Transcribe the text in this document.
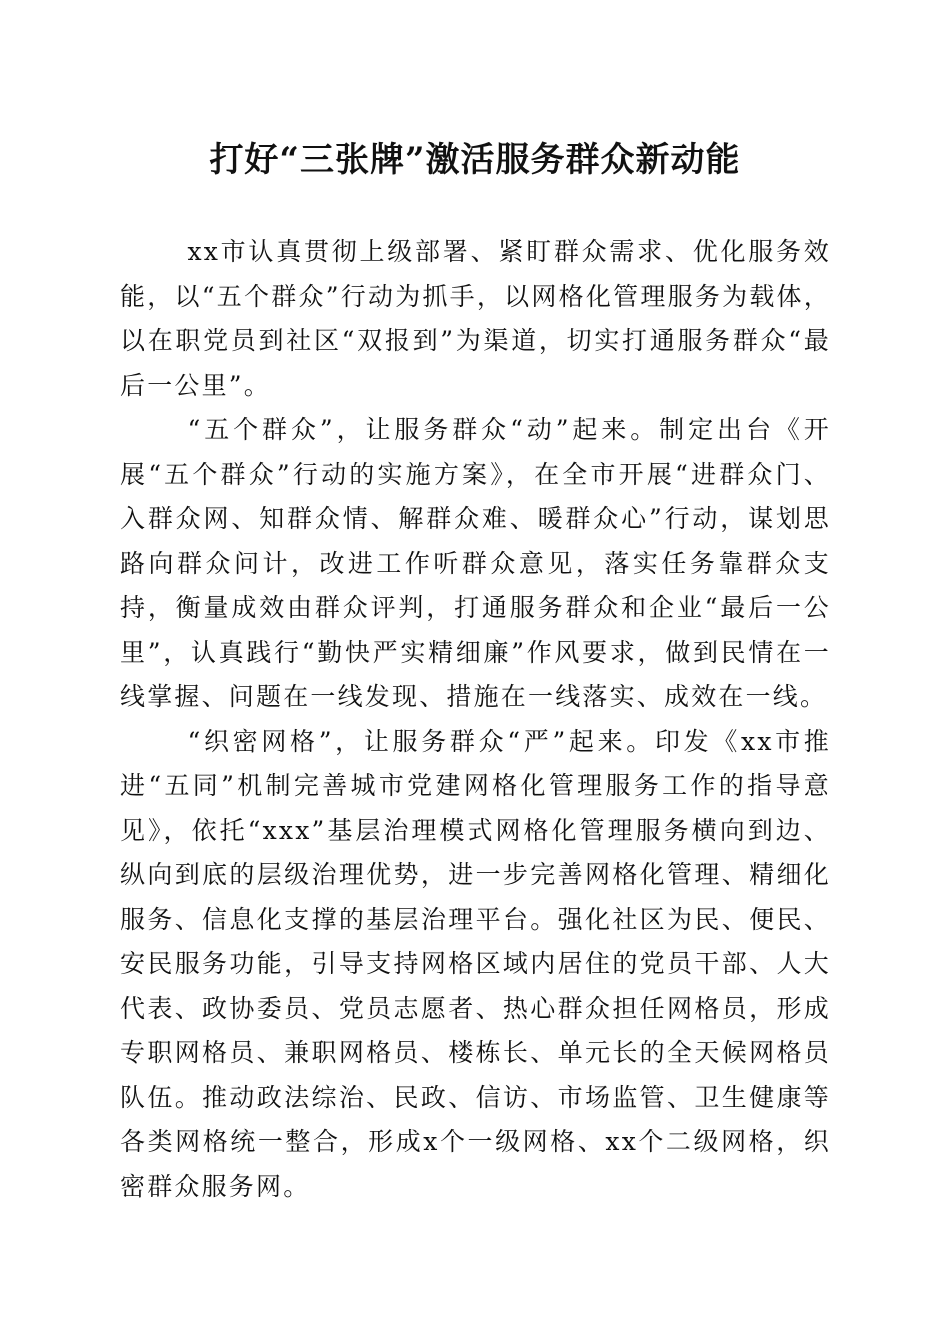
打好“三张牌”激活服务群众新动能

xx市认真贯彻上级部署、紧盯群众需求、优化服务效能，以“五个群众”行动为抓手，以网格化管理服务为载体，以在职党员到社区“双报到”为渠道，切实打通服务群众“最后一公里”。

“五个群众”，让服务群众“动”起来。制定出台《开展“五个群众”行动的实施方案》，在全市开展“进群众门、入群众网、知群众情、解群众难、暖群众心”行动，谋划思路向群众问计，改进工作听群众意见，落实任务靠群众支持，衡量成效由群众评判，打通服务群众和企业“最后一公里”，认真践行“勤快严实精细廉”作风要求，做到民情在一线掌握、问题在一线发现、措施在一线落实、成效在一线。

“织密网格”，让服务群众“严”起来。印发《xx市推进“五同”机制完善城市党建网格化管理服务工作的指导意见》，依托“xxx”基层治理模式网格化管理服务横向到边、纵向到底的层级治理优势，进一步完善网格化管理、精细化服务、信息化支撑的基层治理平台。强化社区为民、便民、安民服务功能，引导支持网格区域内居住的党员干部、人大代表、政协委员、党员志愿者、热心群众担任网格员，形成专职网格员、兼职网格员、楼栋长、单元长的全天候网格员队伍。推动政法综治、民政、信访、市场监管、卫生健康等各类网格统一整合，形成x个一级网格、xx个二级网格，织密群众服务网。
